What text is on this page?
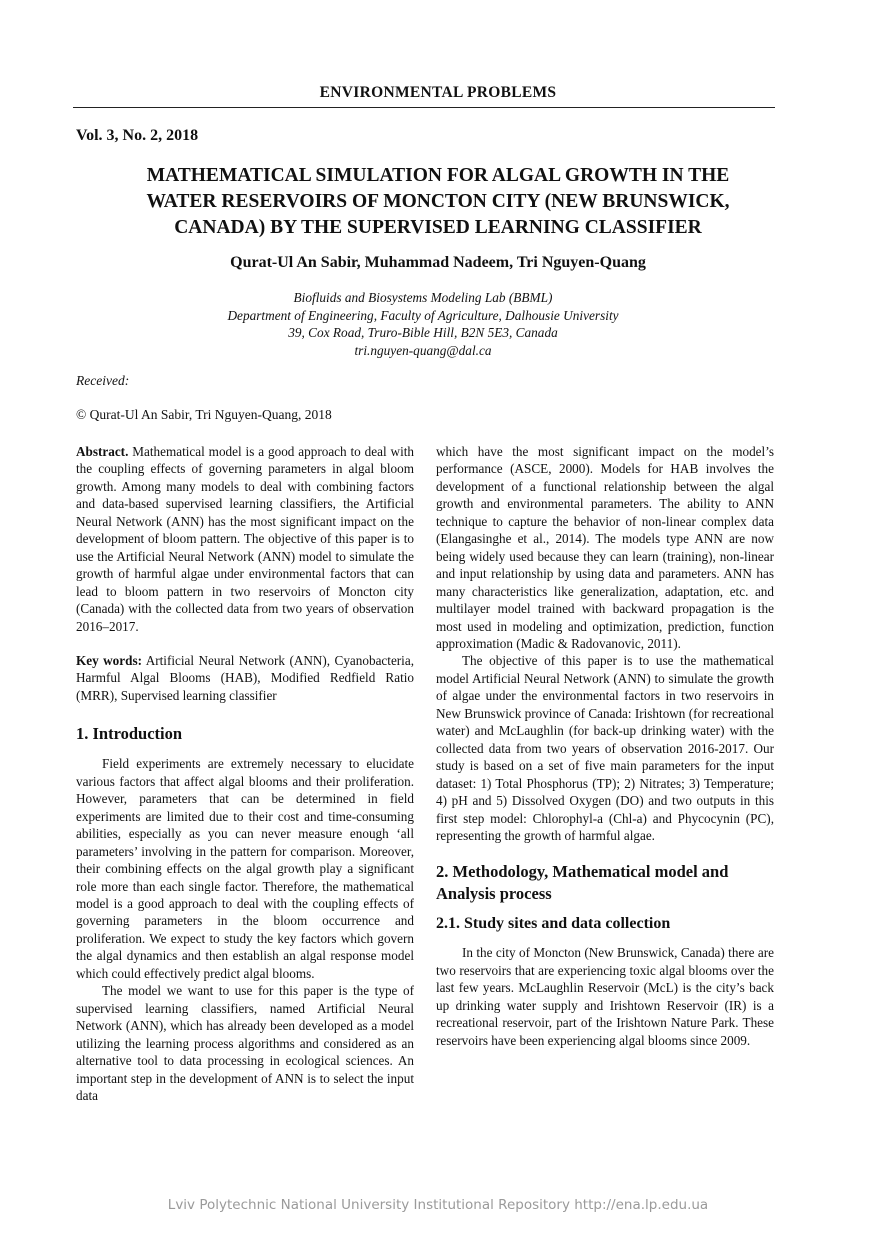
ENVIRONMENTAL PROBLEMS
Vol. 3, No. 2, 2018
MATHEMATICAL SIMULATION FOR ALGAL GROWTH IN THE
WATER RESERVOIRS OF MONCTON CITY (NEW BRUNSWICK,
CANADA) BY THE SUPERVISED LEARNING CLASSIFIER
Qurat-Ul An Sabir, Muhammad Nadeem, Tri Nguyen-Quang
Biofluids and Biosystems Modeling Lab (BBML)
Department of Engineering, Faculty of Agriculture, Dalhousie University
39, Cox Road, Truro-Bible Hill, B2N 5E3, Canada
tri.nguyen-quang@dal.ca
Received:
© Qurat-Ul An Sabir, Tri Nguyen-Quang, 2018

Abstract. Mathematical model is a good approach to deal with the coupling effects of governing parameters in algal bloom growth. Among many models to deal with combining factors and data-based supervised learning classifiers, the Artificial Neural Network (ANN) has the most significant impact on the development of bloom pattern. The objective of this paper is to use the Artificial Neural Network (ANN) model to simulate the growth of harmful algae under environmental factors that can lead to bloom pattern in two reservoirs of Moncton city (Canada) with the collected data from two years of observation 2016–2017.

Key words: Artificial Neural Network (ANN), Cyanobacteria, Harmful Algal Blooms (HAB), Modified Redfield Ratio (MRR), Supervised learning classifier

1. Introduction

Field experiments are extremely necessary to elucidate various factors that affect algal blooms and their proliferation. However, parameters that can be determined in field experiments are limited due to their cost and time-consuming abilities, especially as you can never measure enough ‘all parameters’ involving in the pattern for comparison. Moreover, their combining effects on the algal growth play a significant role more than each single factor. Therefore, the mathematical model is a good approach to deal with the coupling effects of governing parameters in the bloom occurrence and proliferation. We expect to study the key factors which govern the algal dynamics and then establish an algal response model which could effectively predict algal blooms.

The model we want to use for this paper is the type of supervised learning classifiers, named Artificial Neural Network (ANN), which has already been developed as a model utilizing the learning process algorithms and considered as an alternative tool to data processing in ecological sciences. An important step in the development of ANN is to select the input data

which have the most significant impact on the model’s performance (ASCE, 2000). Models for HAB involves the development of a functional relationship between the algal growth and environmental parameters. The ability to ANN technique to capture the behavior of non-linear complex data (Elangasinghe et al., 2014). The models type ANN are now being widely used because they can learn (training), non-linear and input relationship by using data and parameters. ANN has many characteristics like generalization, adaptation, etc. and multilayer model trained with backward propagation is the most used in modeling and optimization, prediction, function approximation (Madic & Radovanovic, 2011).

The objective of this paper is to use the mathematical model Artificial Neural Network (ANN) to simulate the growth of algae under the environmental factors in two reservoirs in New Brunswick province of Canada: Irishtown (for recreational water) and McLaughlin (for back-up drinking water) with the collected data from two years of observation 2016-2017. Our study is based on a set of five main parameters for the input dataset: 1) Total Phosphorus (TP); 2) Nitrates; 3) Temperature; 4) pH and 5) Dissolved Oxygen (DO) and two outputs in this first step model: Chlorophyl-a (Chl-a) and Phycocynin (PC), representing the growth of harmful algae.

2. Methodology, Mathematical model and Analysis process

2.1. Study sites and data collection

In the city of Moncton (New Brunswick, Canada) there are two reservoirs that are experiencing toxic algal blooms over the last few years. McLaughlin Reservoir (McL) is the city’s back up drinking water supply and Irishtown Reservoir (IR) is a recreational reservoir, part of the Irishtown Nature Park. These reservoirs have been experiencing algal blooms since 2009.

Lviv Polytechnic National University Institutional Repository http://ena.lp.edu.ua
